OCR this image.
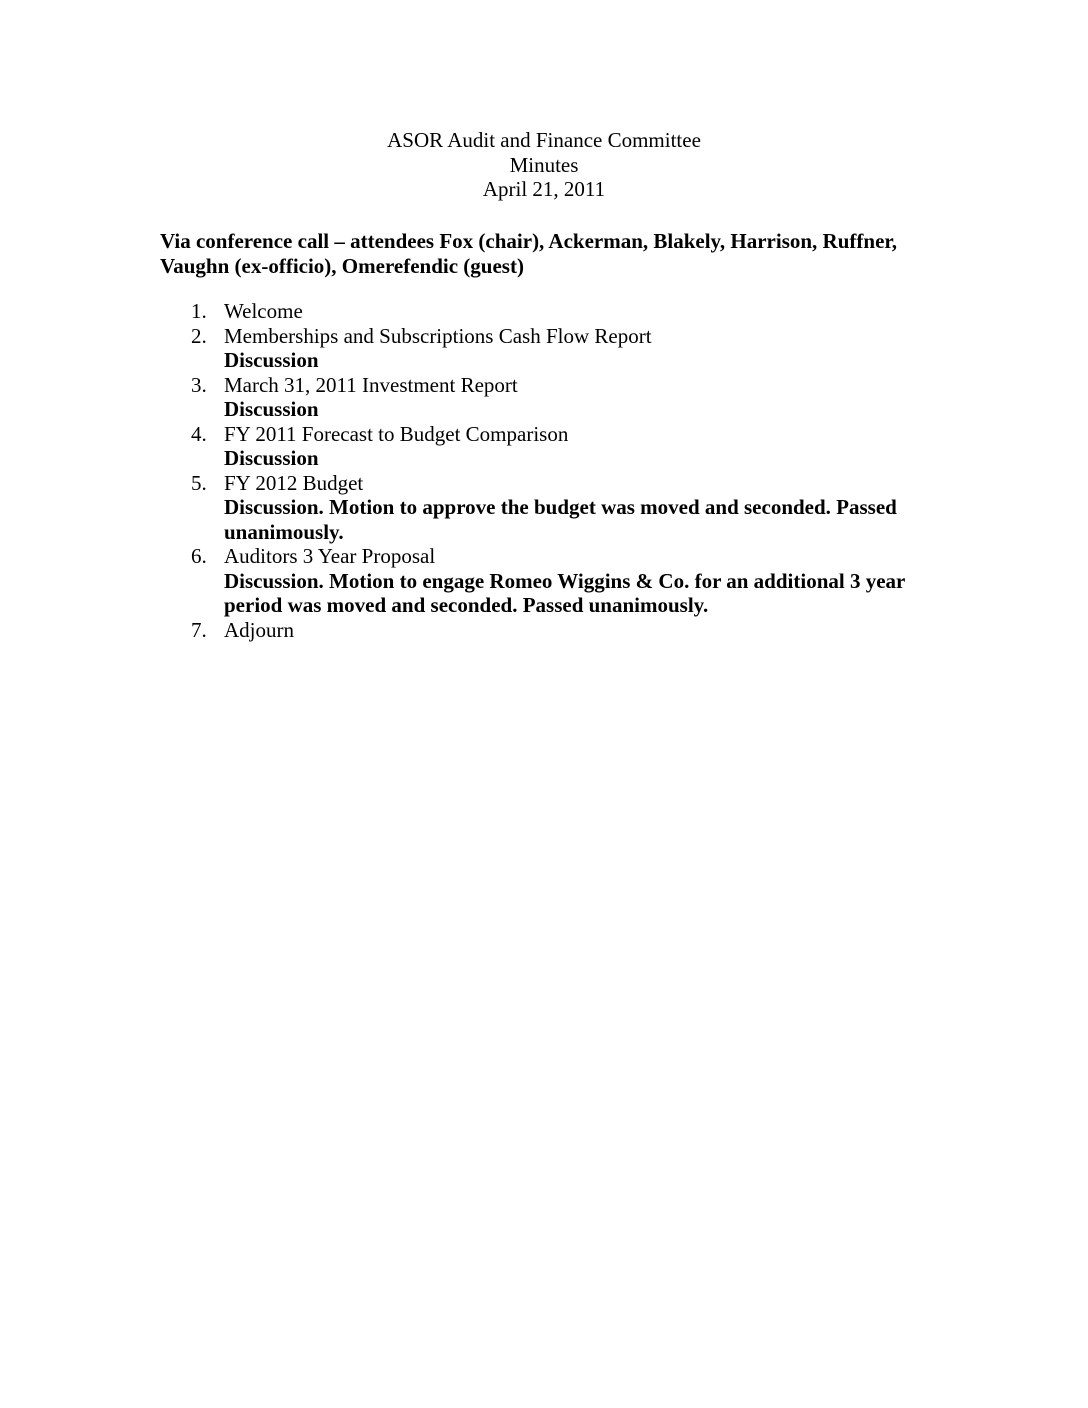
ASOR Audit and Finance Committee
Minutes
April 21, 2011
Via conference call – attendees Fox (chair), Ackerman, Blakely, Harrison, Ruffner, Vaughn (ex-officio), Omerefendic (guest)
1. Welcome
2. Memberships and Subscriptions Cash Flow Report
Discussion
3. March 31, 2011 Investment Report
Discussion
4. FY 2011 Forecast to Budget Comparison
Discussion
5. FY 2012 Budget
Discussion. Motion to approve the budget was moved and seconded. Passed unanimously.
6. Auditors 3 Year Proposal
Discussion. Motion to engage Romeo Wiggins & Co. for an additional 3 year period was moved and seconded. Passed unanimously.
7. Adjourn
